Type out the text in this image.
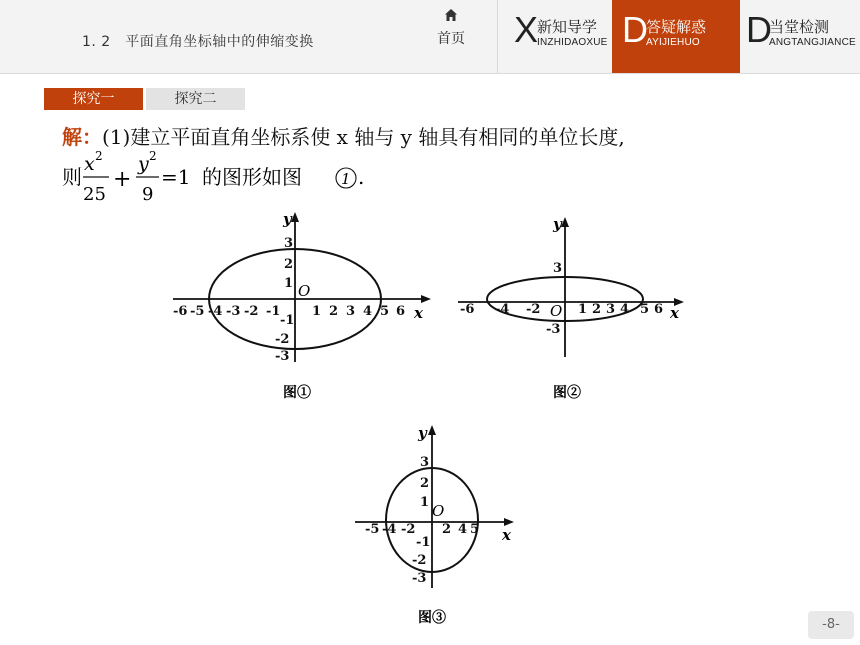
1. 2　平面直角坐标轴中的伸缩变换	首页 X
新知导学
INZHIDAOXUE D
答疑解惑
AYIJIEHUO D
当堂检测
ANGTANGJIANCE
探究一	探究二
解：(1)建立平面直角坐标系使 x 轴与 y 轴具有相同的单位长度,
则
x 2
25
+
y 2
9
=1 的图形如图	1 .
y
x
O
-6 -5 -4 -3 -2 -1 1 2 3 4 5 6
3
2
1
-1
-2
-3
图①
y
x
O
-6 -4 -2	1 2 3 4 5 6
3
-3
图②
y
x
O
-5 -4 -2 2 4 5
3
2
1
-1
-2
-3
图③	-8-
